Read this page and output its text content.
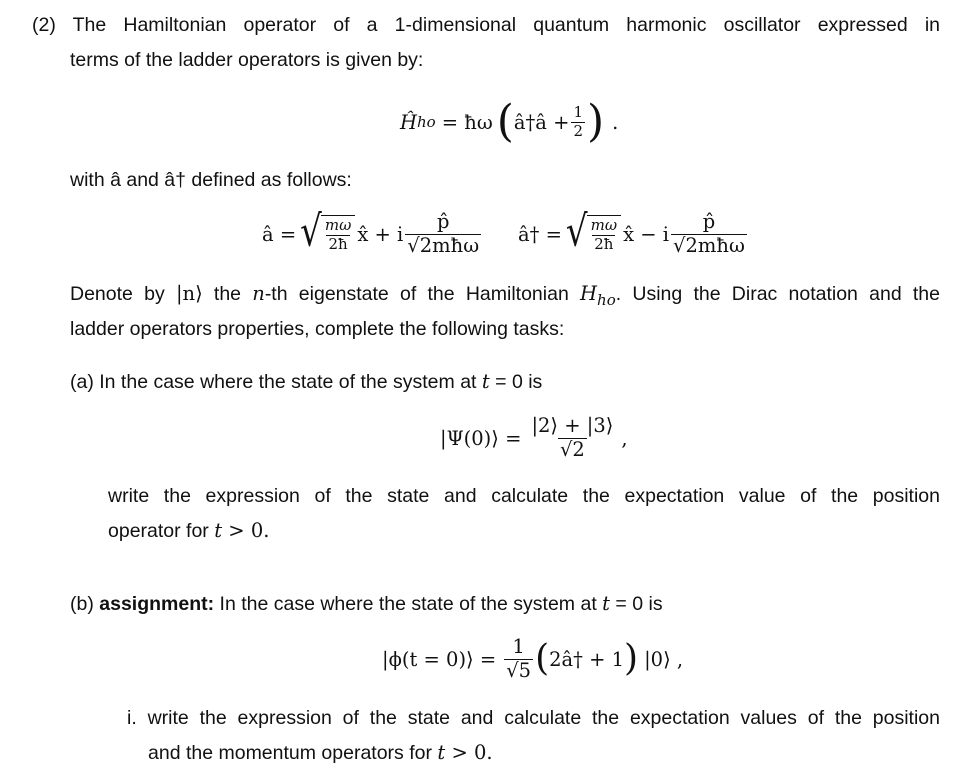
(2) The Hamiltonian operator of a 1-dimensional quantum harmonic oscillator expressed in
terms of the ladder operators is given by:
Ĥ ho = ħω ( â†â + $\frac{1}{2}$ ) .
with â and â† defined as follows:
â = √ $\frac{m\omega}{2ħ}$ x̂ + i $\frac{p̂}{\text{√2mħω}}$ â† = √ $\frac{m\omega}{2ħ}$ x̂ − i $\frac{p̂}{\text{√2mħω}}$
Denote by |n⟩ the n-th eigenstate of the Hamiltonian $H_{ho}$. Using the Dirac notation and the
ladder operators properties, complete the following tasks:
(a) In the case where the state of the system at t = 0 is
|Ψ(0)⟩ = $\frac{|2⟩ + |3⟩}{√2}$ ,
write the expression of the state and calculate the expectation value of the position
operator for t > 0.
(b) assignment: In the case where the state of the system at t = 0 is
|ϕ(t = 0)⟩ = $\frac{1}{√5}$ ( 2â† + 1 ) |0⟩ ,
i. write the expression of the state and calculate the expectation values of the position
and the momentum operators for t > 0.
